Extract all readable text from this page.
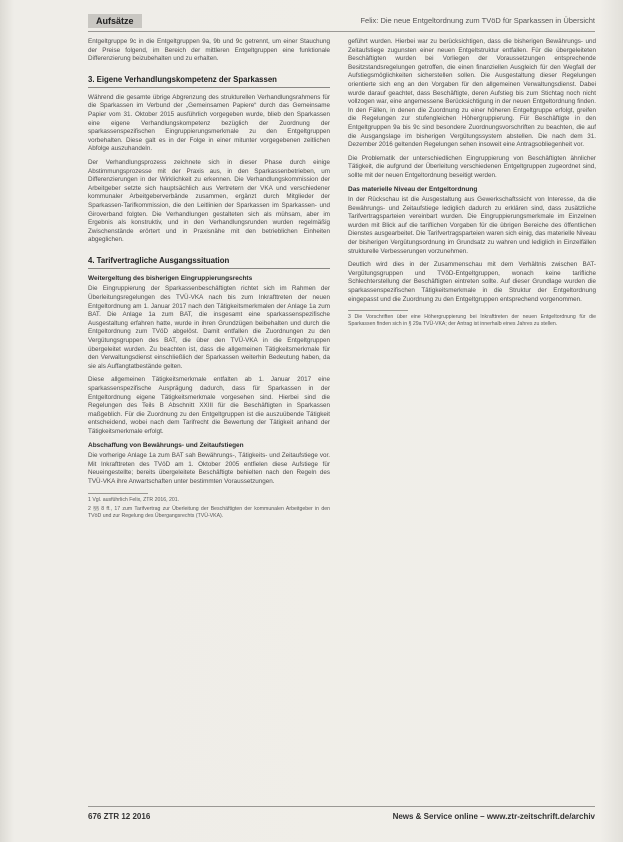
Aufsätze	Felix: Die neue Entgeltordnung zum TVöD für Sparkassen in Übersicht

Entgeltgruppe 9c in die Entgeltgruppen 9a, 9b und 9c getrennt, um einer Stauchung der Preise folgend, im Bereich der mittleren Entgeltgruppen eine funktionale Differenzierung beizubehalten und zu erhalten.

3. Eigene Verhandlungskompetenz der Sparkassen

Während die gesamte übrige Abgrenzung des strukturellen Verhandlungsrahmens für die Sparkassen im Verbund der „Gemeinsamen Papiere“ durch das Gemeinsame Papier vom 31. Oktober 2015 ausführlich vorgegeben wurde, blieb den Sparkassen eine eigene Verhandlungskompetenz bezüglich der Zuordnung der sparkassenspezifischen Eingruppierungsmerkmale zu den Entgeltgruppen vorbehalten. Diese galt es in der Folge in einer mitunter vorgegebenen zeitlichen Abfolge auszuhandeln.

Der Verhandlungsprozess zeichnete sich in dieser Phase durch einige Abstimmungsprozesse mit der Praxis aus, in den Sparkassenbetrieben, um Differenzierungen in der Wirklichkeit zu erkennen. Die Verhandlungskommission der Arbeitgeber setzte sich hauptsächlich aus Vertretern der VKA und verschiedener kommunaler Arbeitgeberverbände zusammen, ergänzt durch Mitglieder der Sparkassen-Tarifkommission, die den Leitlinien der Sparkassen im Sparkassen- und Giroverband folgten. Die Verhandlungen gestalteten sich als mühsam, aber im Ergebnis als konstruktiv, und in den Verhandlungsrunden wurden regelmäßig Zwischenstände erörtert und in Praxisnähe mit den betrieblichen Einheiten abgeglichen.

4. Tarifvertragliche Ausgangssituation
Weitergeltung des bisherigen Eingruppierungsrechts

Die Eingruppierung der Sparkassenbeschäftigten richtet sich im Rahmen der Überleitungsregelungen des TVÜ-VKA nach bis zum Inkrafttreten der neuen Entgeltordnung am 1. Januar 2017 nach den Tätigkeitsmerkmalen der Anlage 1a zum BAT. Die Anlage 1a zum BAT, die insgesamt eine sparkassenspezifische Ausgestaltung erfahren hatte, wurde in ihren Grundzügen beibehalten und durch die Entgeltordnung zum TVöD abgelöst. Damit entfallen die Zuordnungen zu den Vergütungsgruppen des BAT, die über den TVÜ-VKA in die Entgeltgruppen übergeleitet wurden. Zu beachten ist, dass die allgemeinen Tätigkeitsmerkmale für den Verwaltungsdienst einschließlich der Sparkassen weiterhin Bedeutung haben, da sie als Auffangtatbestände gelten.

Diese allgemeinen Tätigkeitsmerkmale entfalten ab 1. Januar 2017 eine sparkassenspezifische Ausprägung dadurch, dass für Sparkassen in der Entgeltordnung eigene Tätigkeitsmerkmale vorgesehen sind. Hierbei sind die Regelungen des Teils B Abschnitt XXIII für die Beschäftigten in Sparkassen maßgeblich. Für die Zuordnung zu den Entgeltgruppen ist die auszuübende Tätigkeit entscheidend, wobei nach dem Tarifrecht die Bewertung der Tätigkeit anhand der Tätigkeitsmerkmale erfolgt.

Abschaffung von Bewährungs- und Zeitaufstiegen

Die vorherige Anlage 1a zum BAT sah Bewährungs-, Tätigkeits- und Zeitaufstiege vor. Mit Inkrafttreten des TVöD am 1. Oktober 2005 entfielen diese Aufstiege für Neueingestellte; bereits übergeleitete Beschäftigte behielten nach den Regeln des TVÜ-VKA ihre Anwartschaften unter bestimmten Voraussetzungen.

1 Vgl. ausführlich Felix, ZTR 2016, 201.
2 §§ 8 ff., 17 zum Tarifvertrag zur Überleitung der Beschäftigten der kommunalen Arbeitgeber in den TVöD und zur Regelung des Übergangsrechts (TVÜ-VKA).

geführt wurden. Hierbei war zu berücksichtigen, dass die bisherigen Bewährungs- und Zeitaufstiege zugunsten einer neuen Entgeltstruktur entfallen. Für die übergeleiteten Beschäftigten wurden bei Vorliegen der Voraussetzungen entsprechende Besitzstandsregelungen getroffen, die einen finanziellen Ausgleich für den Wegfall der Aufstiegsmöglichkeiten sicherstellen sollen. Die Ausgestaltung dieser Regelungen orientierte sich eng an den Vorgaben für den allgemeinen Verwaltungsdienst. Dabei wurde darauf geachtet, dass Beschäftigte, deren Aufstieg bis zum Stichtag noch nicht vollzogen war, eine angemessene Berücksichtigung in der neuen Entgeltordnung finden. In den Fällen, in denen die Zuordnung zu einer höheren Entgeltgruppe erfolgt, greifen die Regelungen zur stufengleichen Höhergruppierung. Für Beschäftigte in den Entgeltgruppen 9a bis 9c sind besondere Zuordnungsvorschriften zu beachten, die auf die Ausgangslage im bisherigen Vergütungssystem abstellen. Die nach dem 31. Dezember 2016 geltenden Regelungen sehen insoweit eine Antragsobliegenheit vor.

Die Problematik der unterschiedlichen Eingruppierung von Beschäftigten ähnlicher Tätigkeit, die aufgrund der Überleitung verschiedenen Entgeltgruppen zugeordnet sind, sollte mit der neuen Entgeltordnung beseitigt werden.

Das materielle Niveau der Entgeltordnung

In der Rückschau ist die Ausgestaltung aus Gewerkschaftssicht von Interesse, da die Bewährungs- und Zeitaufstiege lediglich dadurch zu erklären sind, dass zusätzliche Tarifvertragsparteien vereinbart wurden. Die Eingruppierungsmerkmale im Einzelnen wurden mit Blick auf die tariflichen Vorgaben für die übrigen Bereiche des öffentlichen Dienstes ausgearbeitet. Die Tarifvertragsparteien waren sich einig, das materielle Niveau der bisherigen Vergütungsordnung im Grundsatz zu wahren und lediglich in Einzelfällen strukturelle Verbesserungen vorzunehmen.

Deutlich wird dies in der Zusammenschau mit dem Verhältnis zwischen BAT-Vergütungsgruppen und TVöD-Entgeltgruppen, wonach keine tarifliche Schlechterstellung der Beschäftigten eintreten sollte. Auf dieser Grundlage wurden die sparkassenspezifischen Tätigkeitsmerkmale in die Struktur der Entgeltordnung eingepasst und die Zuordnung zu den Entgeltgruppen entsprechend vorgenommen.

3 Die Vorschriften über eine Höhergruppierung bei Inkrafttreten der neuen Entgeltordnung für die Sparkassen finden sich in § 29a TVÜ-VKA; der Antrag ist innerhalb eines Jahres zu stellen.
676 ZTR 12 2016	News & Service online – www.ztr-zeitschrift.de/archiv
